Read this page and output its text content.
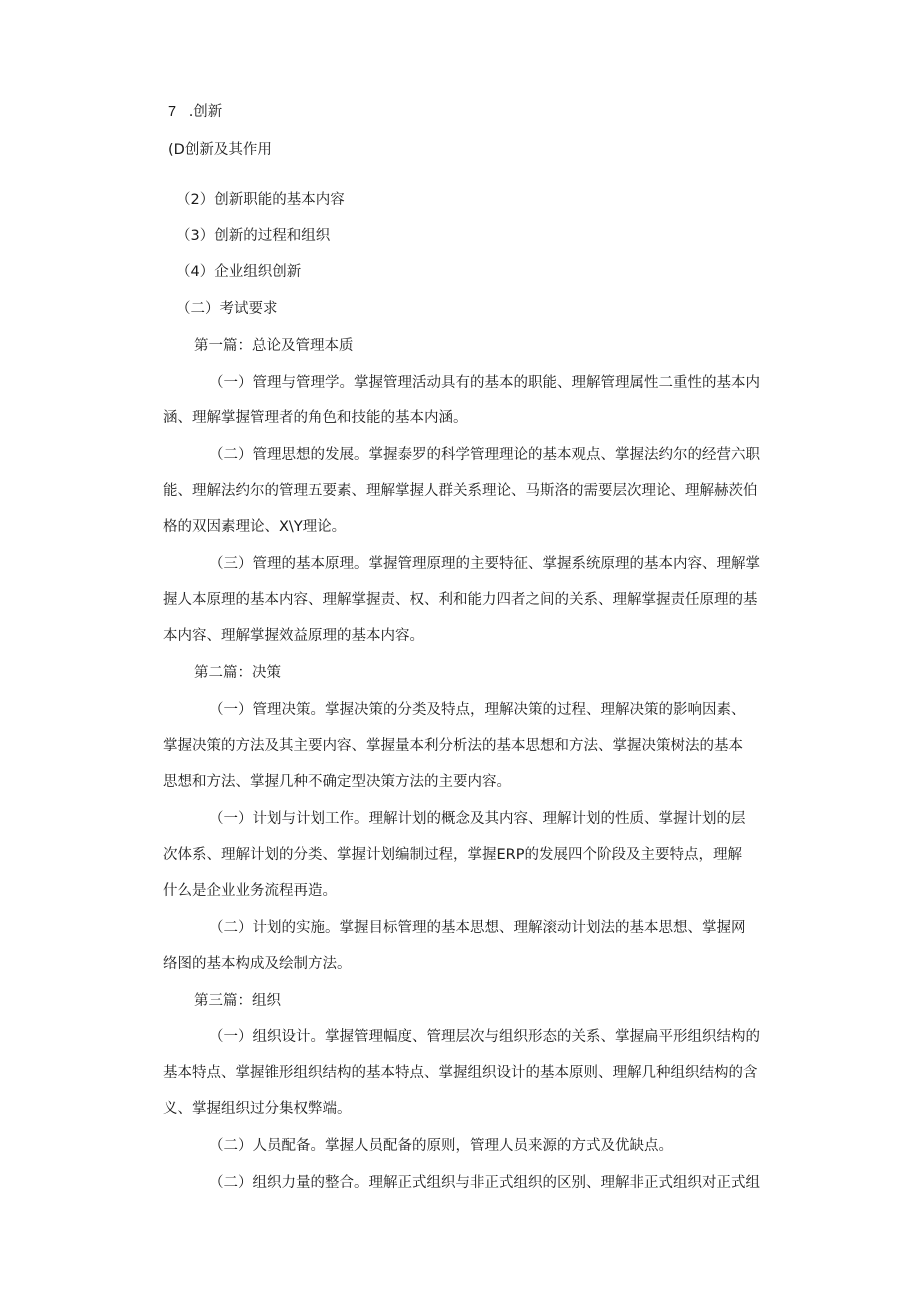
7 .创新

(D创新及其作用

（2）创新职能的基本内容

（3）创新的过程和组织

（4）企业组织创新

（二）考试要求

第一篇：总论及管理本质

（一）管理与管理学。掌握管理活动具有的基本的职能、理解管理属性二重性的基本内

涵、理解掌握管理者的角色和技能的基本内涵。

（二）管理思想的发展。掌握泰罗的科学管理理论的基本观点、掌握法约尔的经营六职

能、理解法约尔的管理五要素、理解掌握人群关系理论、马斯洛的需要层次理论、理解赫茨伯

格的双因素理论、X\Y理论。

（三）管理的基本原理。掌握管理原理的主要特征、掌握系统原理的基本内容、理解掌

握人本原理的基本内容、理解掌握责、权、利和能力四者之间的关系、理解掌握责任原理的基

本内容、理解掌握效益原理的基本内容。

第二篇：决策

（一）管理决策。掌握决策的分类及特点，理解决策的过程、理解决策的影响因素、

掌握决策的方法及其主要内容、掌握量本利分析法的基本思想和方法、掌握决策树法的基本

思想和方法、掌握几种不确定型决策方法的主要内容。

（一）计划与计划工作。理解计划的概念及其内容、理解计划的性质、掌握计划的层

次体系、理解计划的分类、掌握计划编制过程，掌握ERP的发展四个阶段及主要特点，理解

什么是企业业务流程再造。

（二）计划的实施。掌握目标管理的基本思想、理解滚动计划法的基本思想、掌握网

络图的基本构成及绘制方法。

第三篇：组织

（一）组织设计。掌握管理幅度、管理层次与组织形态的关系、掌握扁平形组织结构的

基本特点、掌握锥形组织结构的基本特点、掌握组织设计的基本原则、理解几种组织结构的含

义、掌握组织过分集权弊端。

（二）人员配备。掌握人员配备的原则，管理人员来源的方式及优缺点。

（二）组织力量的整合。理解正式组织与非正式组织的区别、理解非正式组织对正式组
